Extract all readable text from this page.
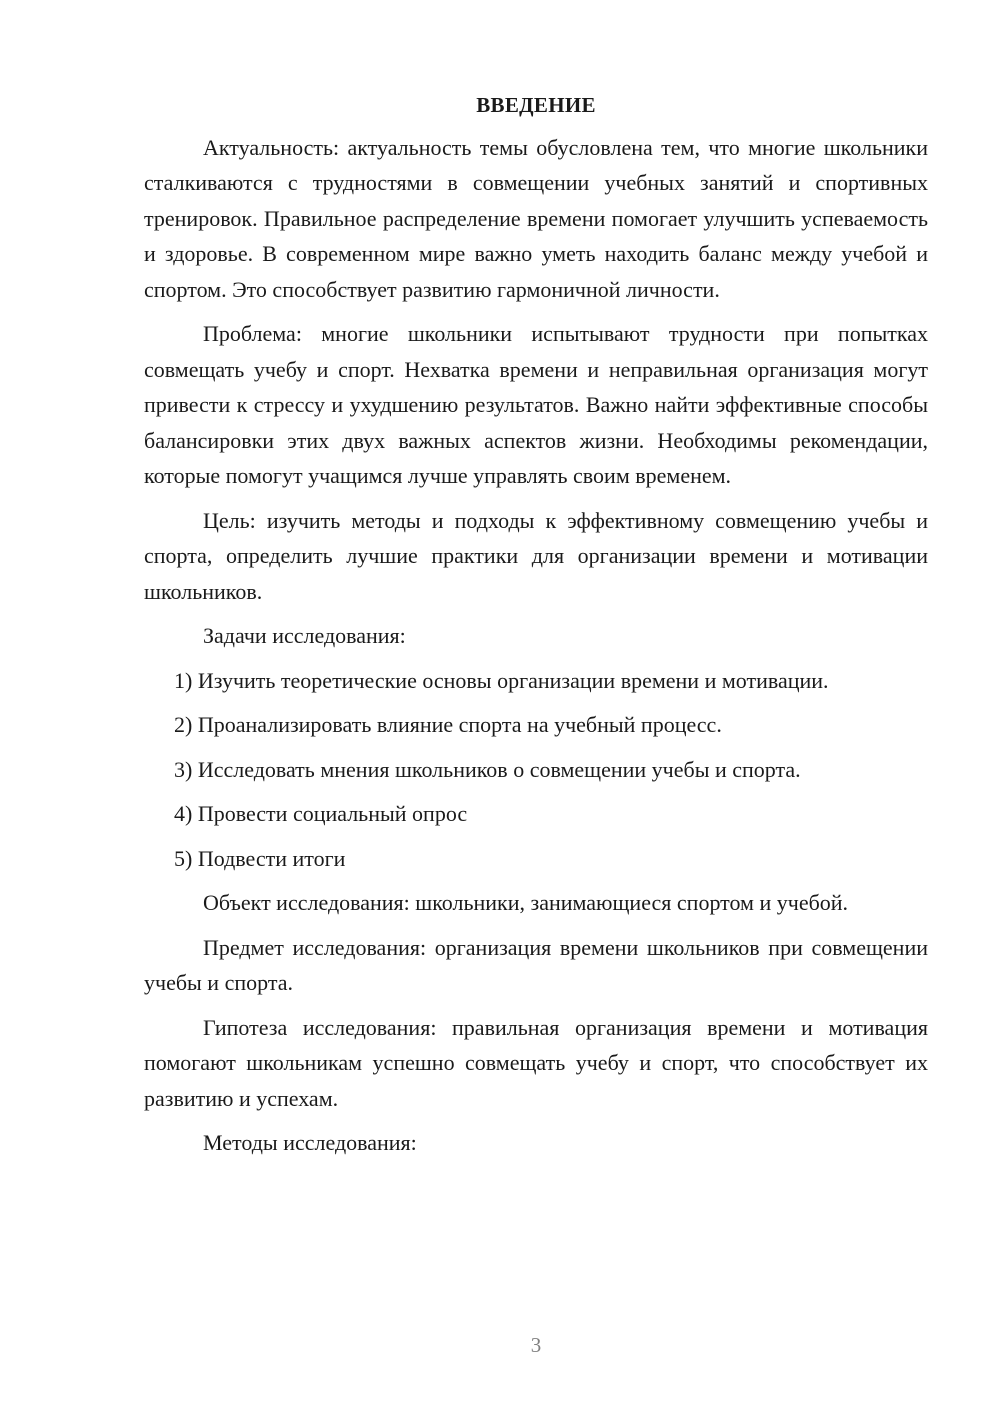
ВВЕДЕНИЕ

Актуальность: актуальность темы обусловлена тем, что многие школьники сталкиваются с трудностями в совмещении учебных занятий и спортивных тренировок. Правильное распределение времени помогает улучшить успеваемость и здоровье. В современном мире важно уметь находить баланс между учебой и спортом. Это способствует развитию гармоничной личности.

Проблема: многие школьники испытывают трудности при попытках совмещать учебу и спорт. Нехватка времени и неправильная организация могут привести к стрессу и ухудшению результатов. Важно найти эффективные способы балансировки этих двух важных аспектов жизни. Необходимы рекомендации, которые помогут учащимся лучше управлять своим временем.

Цель: изучить методы и подходы к эффективному совмещению учебы и спорта, определить лучшие практики для организации времени и мотивации школьников.

Задачи исследования:

1) Изучить теоретические основы организации времени и мотивации.

2) Проанализировать влияние спорта на учебный процесс.

3) Исследовать мнения школьников о совмещении учебы и спорта.

4) Провести социальный опрос

5) Подвести итоги

Объект исследования: школьники, занимающиеся спортом и учебой.

Предмет исследования: организация времени школьников при совмещении учебы и спорта.

Гипотеза исследования: правильная организация времени и мотивация помогают школьникам успешно совмещать учебу и спорт, что способствует их развитию и успехам.

Методы исследования:

3
